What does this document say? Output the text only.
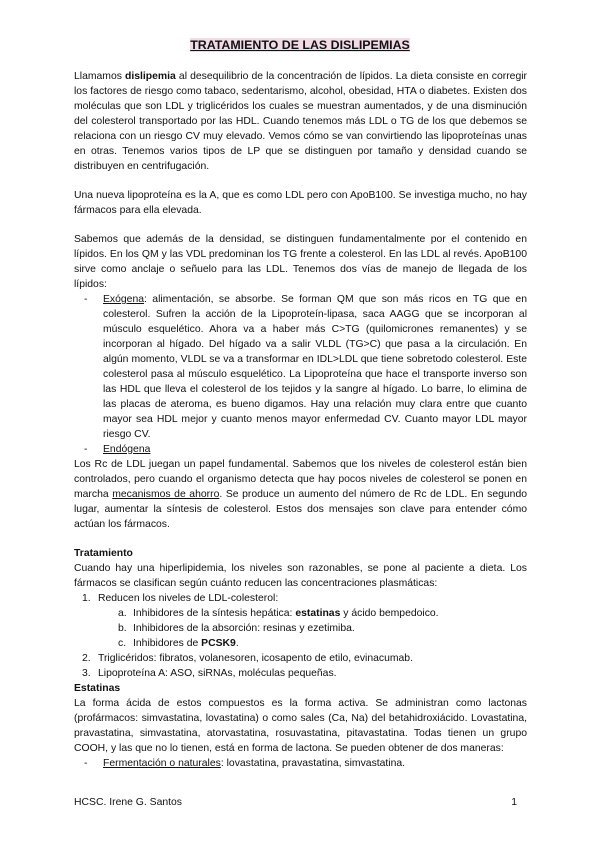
TRATAMIENTO DE LAS DISLIPEMIAS
Llamamos dislipemia al desequilibrio de la concentración de lípidos. La dieta consiste en corregir los factores de riesgo como tabaco, sedentarismo, alcohol, obesidad, HTA o diabetes. Existen dos moléculas que son LDL y triglicéridos los cuales se muestran aumentados, y de una disminución del colesterol transportado por las HDL. Cuando tenemos más LDL o TG de los que debemos se relaciona con un riesgo CV muy elevado. Vemos cómo se van convirtiendo las lipoproteínas unas en otras. Tenemos varios tipos de LP que se distinguen por tamaño y densidad cuando se distribuyen en centrifugación.
Una nueva lipoproteína es la A, que es como LDL pero con ApoB100. Se investiga mucho, no hay fármacos para ella elevada.
Sabemos que además de la densidad, se distinguen fundamentalmente por el contenido en lípidos. En los QM y las VDL predominan los TG frente a colesterol. En las LDL al revés. ApoB100 sirve como anclaje o señuelo para las LDL. Tenemos dos vías de manejo de llegada de los lípidos:
- Exógena: alimentación, se absorbe. Se forman QM que son más ricos en TG que en colesterol. Sufren la acción de la Lipoproteín-lipasa, saca AAGG que se incorporan al músculo esquelético. Ahora va a haber más C>TG (quilomicrones remanentes) y se incorporan al hígado. Del hígado va a salir VLDL (TG>C) que pasa a la circulación. En algún momento, VLDL se va a transformar en IDL>LDL que tiene sobretodo colesterol. Este colesterol pasa al músculo esquelético. La Lipoproteína que hace el transporte inverso son las HDL que lleva el colesterol de los tejidos y la sangre al hígado. Lo barre, lo elimina de las placas de ateroma, es bueno digamos. Hay una relación muy clara entre que cuanto mayor sea HDL mejor y cuanto menos mayor enfermedad CV. Cuanto mayor LDL mayor riesgo CV.
- Endógena
Los Rc de LDL juegan un papel fundamental. Sabemos que los niveles de colesterol están bien controlados, pero cuando el organismo detecta que hay pocos niveles de colesterol se ponen en marcha mecanismos de ahorro. Se produce un aumento del número de Rc de LDL. En segundo lugar, aumentar la síntesis de colesterol. Estos dos mensajes son clave para entender cómo actúan los fármacos.
Tratamiento
Cuando hay una hiperlipidemia, los niveles son razonables, se pone al paciente a dieta. Los fármacos se clasifican según cuánto reducen las concentraciones plasmáticas:
1. Reducen los niveles de LDL-colesterol:
a. Inhibidores de la síntesis hepática: estatinas y ácido bempedoico.
b. Inhibidores de la absorción: resinas y ezetimiba.
c. Inhibidores de PCSK9.
2. Triglicéridos: fibratos, volanesoren, icosapento de etilo, evinacumab.
3. Lipoproteína A: ASO, siRNAs, moléculas pequeñas.
Estatinas
La forma ácida de estos compuestos es la forma activa. Se administran como lactonas (profármacos: simvastatina, lovastatina) o como sales (Ca, Na) del betahidroxiácido. Lovastatina, pravastatina, simvastatina, atorvastatina, rosuvastatina, pitavastatina. Todas tienen un grupo COOH, y las que no lo tienen, está en forma de lactona. Se pueden obtener de dos maneras:
- Fermentación o naturales: lovastatina, pravastatina, simvastatina.
HCSC. Irene G. Santos	1
